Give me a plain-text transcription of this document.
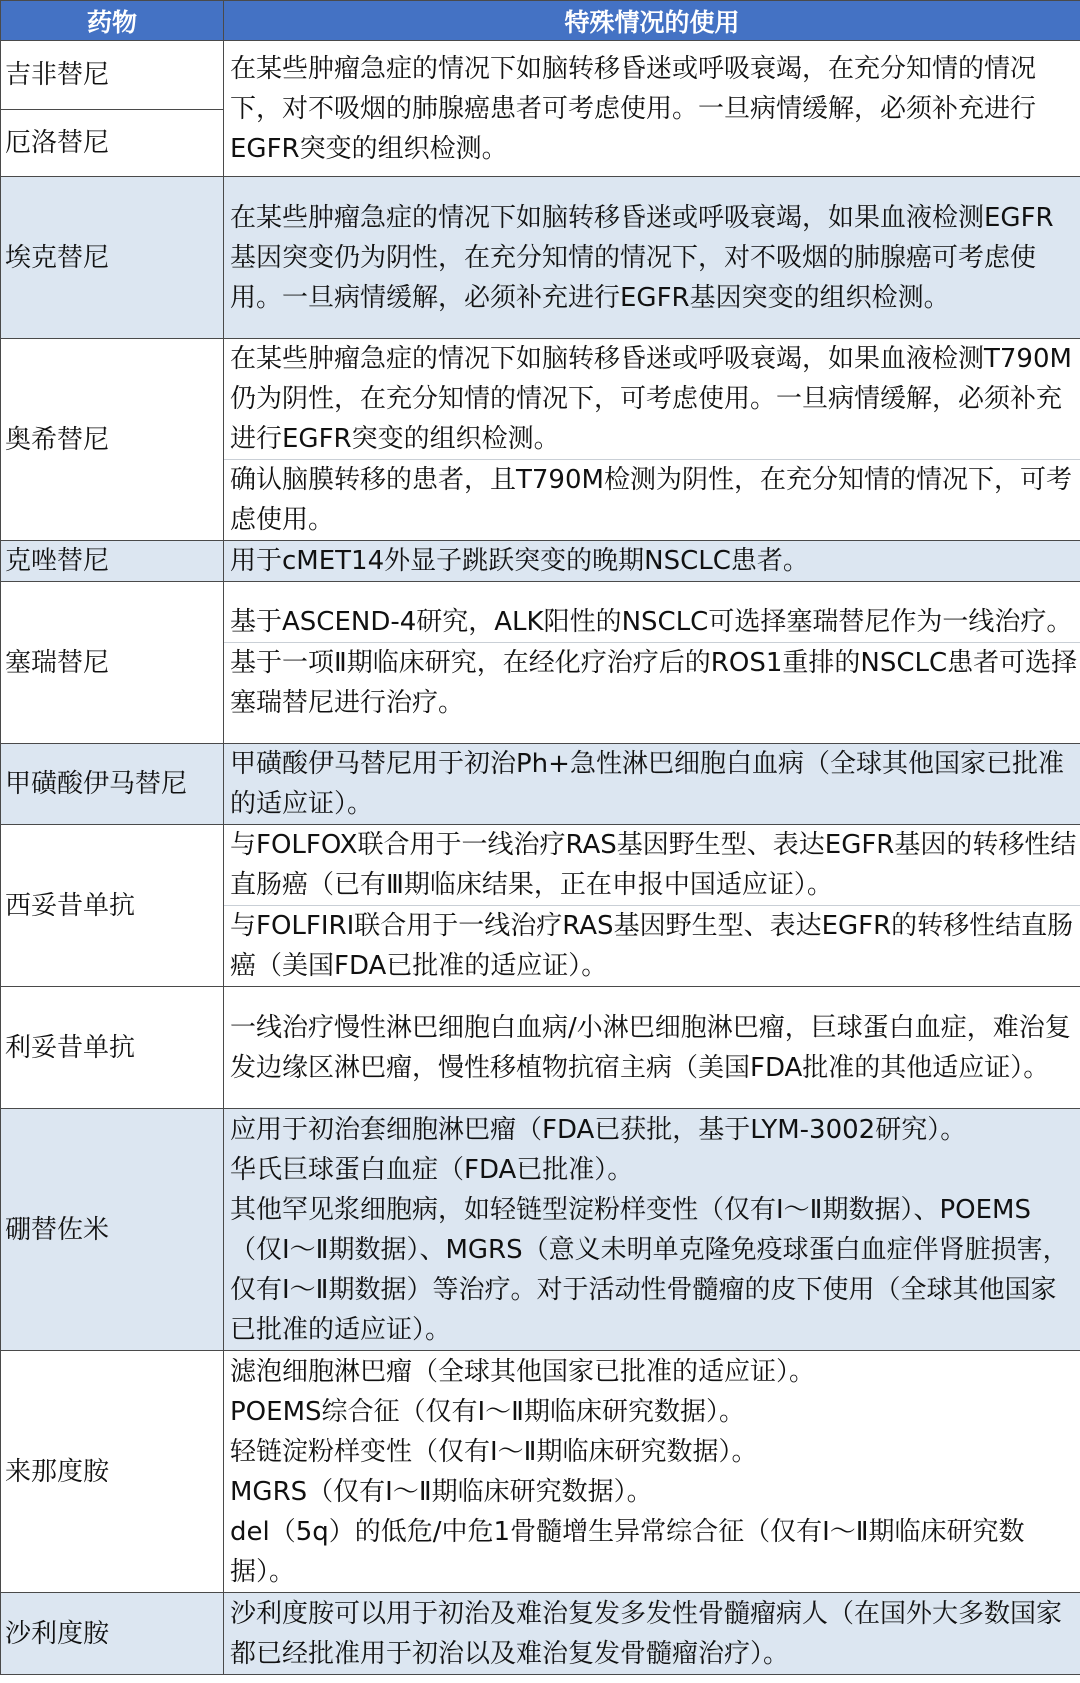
药物	特殊情况的使用
吉非替尼	在某些肿瘤急症的情况下如脑转移昏迷或呼吸衰竭，在充分知情的情况下，对不吸烟的肺腺癌患者可考虑使用。一旦病情缓解，必须补充进行EGFR突变的组织检测。

厄洛替尼	
埃克替尼	在某些肿瘤急症的情况下如脑转移昏迷或呼吸衰竭，如果血液检测EGFR基因突变仍为阴性，在充分知情的情况下，对不吸烟的肺腺癌可考虑使用。一旦病情缓解，必须补充进行EGFR基因突变的组织检测。

奥希替尼	在某些肿瘤急症的情况下如脑转移昏迷或呼吸衰竭，如果血液检测T790M仍为阴性，在充分知情的情况下，可考虑使用。一旦病情缓解，必须补充进行EGFR突变的组织检测。
确认脑膜转移的患者，且T790M检测为阴性，在充分知情的情况下，可考虑使用。

克唑替尼	用于cMET14外显子跳跃突变的晚期NSCLC患者。

塞瑞替尼	基于ASCEND-4研究，ALK阳性的NSCLC可选择塞瑞替尼作为一线治疗。
基于一项Ⅱ期临床研究，在经化疗治疗后的ROS1重排的NSCLC患者可选择塞瑞替尼进行治疗。

甲磺酸伊马替尼	甲磺酸伊马替尼用于初治Ph+急性淋巴细胞白血病（全球其他国家已批准的适应证）。

西妥昔单抗	与FOLFOX联合用于一线治疗RAS基因野生型、表达EGFR基因的转移性结直肠癌（已有Ⅲ期临床结果，正在申报中国适应证）。
与FOLFIRI联合用于一线治疗RAS基因野生型、表达EGFR的转移性结直肠癌（美国FDA已批准的适应证）。

利妥昔单抗	一线治疗慢性淋巴细胞白血病/小淋巴细胞淋巴瘤，巨球蛋白血症，难治复发边缘区淋巴瘤，慢性移植物抗宿主病（美国FDA批准的其他适应证）。

硼替佐米	应用于初治套细胞淋巴瘤（FDA已获批，基于LYM-3002研究）。
华氏巨球蛋白血症（FDA已批准）。
其他罕见浆细胞病，如轻链型淀粉样变性（仅有Ⅰ～Ⅱ期数据）、POEMS（仅Ⅰ～Ⅱ期数据）、MGRS（意义未明单克隆免疫球蛋白血症伴肾脏损害，仅有Ⅰ～Ⅱ期数据）等治疗。对于活动性骨髓瘤的皮下使用（全球其他国家已批准的适应证）。

来那度胺	滤泡细胞淋巴瘤（全球其他国家已批准的适应证）。
POEMS综合征（仅有Ⅰ～Ⅱ期临床研究数据）。
轻链淀粉样变性（仅有Ⅰ～Ⅱ期临床研究数据）。
MGRS（仅有Ⅰ～Ⅱ期临床研究数据）。
del（5q）的低危/中危1骨髓增生异常综合征（仅有Ⅰ～Ⅱ期临床研究数据）。

沙利度胺	沙利度胺可以用于初治及难治复发多发性骨髓瘤病人（在国外大多数国家都已经批准用于初治以及难治复发骨髓瘤治疗）。
